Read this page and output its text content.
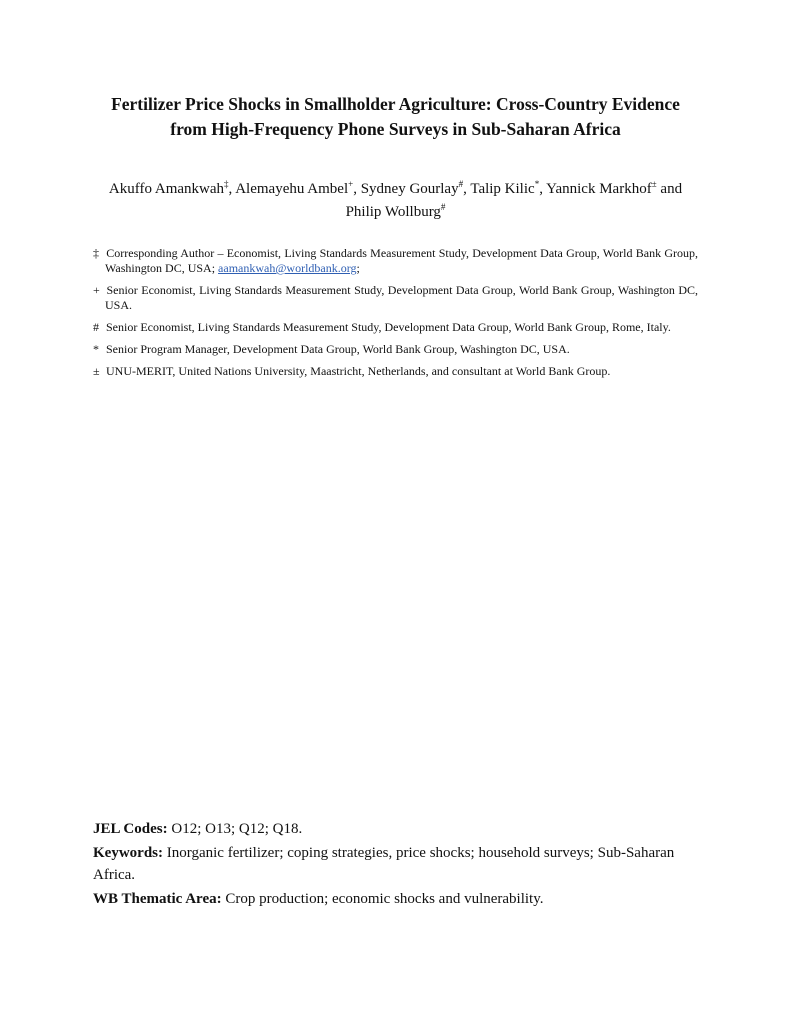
Fertilizer Price Shocks in Smallholder Agriculture: Cross-Country Evidence
from High-Frequency Phone Surveys in Sub-Saharan Africa
Akuffo Amankwah‡, Alemayehu Ambel+, Sydney Gourlay#, Talip Kilic*, Yannick Markhof± and
Philip Wollburg#

‡ Corresponding Author – Economist, Living Standards Measurement Study, Development Data Group, World Bank Group, Washington DC, USA; aamankwah@worldbank.org;

+ Senior Economist, Living Standards Measurement Study, Development Data Group, World Bank Group, Washington DC, USA.

# Senior Economist, Living Standards Measurement Study, Development Data Group, World Bank Group, Rome, Italy.

* Senior Program Manager, Development Data Group, World Bank Group, Washington DC, USA.

± UNU-MERIT, United Nations University, Maastricht, Netherlands, and consultant at World Bank Group.

JEL Codes: O12; O13; Q12; Q18.

Keywords: Inorganic fertilizer; coping strategies, price shocks; household surveys; Sub-Saharan Africa.

WB Thematic Area: Crop production; economic shocks and vulnerability.
